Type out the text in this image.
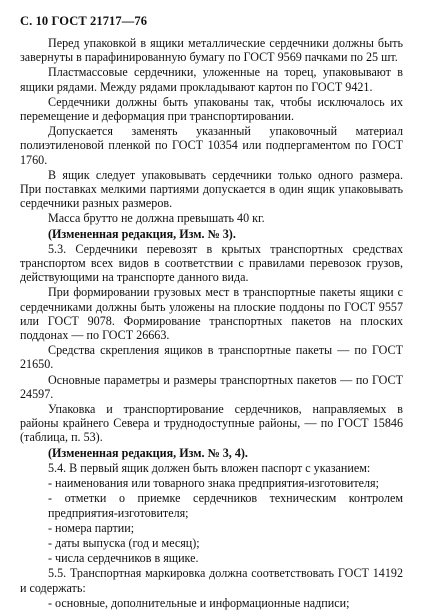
С. 10 ГОСТ 21717—76
Перед упаковкой в ящики металлические сердечники должны быть завернуты в парафинированную бумагу по ГОСТ 9569 пачками по 25 шт.
Пластмассовые сердечники, уложенные на торец, упаковывают в ящики рядами. Между рядами прокладывают картон по ГОСТ 9421.
Сердечники должны быть упакованы так, чтобы исключалось их перемещение и деформация при транспортировании.
Допускается заменять указанный упаковочный материал полиэтиленовой пленкой по ГОСТ 10354 или подпергаментом по ГОСТ 1760.
В ящик следует упаковывать сердечники только одного размера. При поставках мелкими партиями допускается в один ящик упаковывать сердечники разных размеров.
Масса брутто не должна превышать 40 кг.
(Измененная редакция, Изм. № 3).
5.3. Сердечники перевозят в крытых транспортных средствах транспортом всех видов в соответствии с правилами перевозок грузов, действующими на транспорте данного вида.
При формировании грузовых мест в транспортные пакеты ящики с сердечниками должны быть уложены на плоские поддоны по ГОСТ 9557 или ГОСТ 9078. Формирование транспортных пакетов на плоских поддонах — по ГОСТ 26663.
Средства скрепления ящиков в транспортные пакеты — по ГОСТ 21650.
Основные параметры и размеры транспортных пакетов — по ГОСТ 24597.
Упаковка и транспортирование сердечников, направляемых в районы крайнего Севера и труднодоступные районы, — по ГОСТ 15846 (таблица, п. 53).
(Измененная редакция, Изм. № 3, 4).
5.4. В первый ящик должен быть вложен паспорт с указанием:
- наименования или товарного знака предприятия-изготовителя;
- отметки о приемке сердечников техническим контролем предприятия-изготовителя;
- номера партии;
- даты выпуска (год и месяц);
- числа сердечников в ящике.
5.5. Транспортная маркировка должна соответствовать ГОСТ 14192 и содержать:
- основные, дополнительные и информационные надписи;
